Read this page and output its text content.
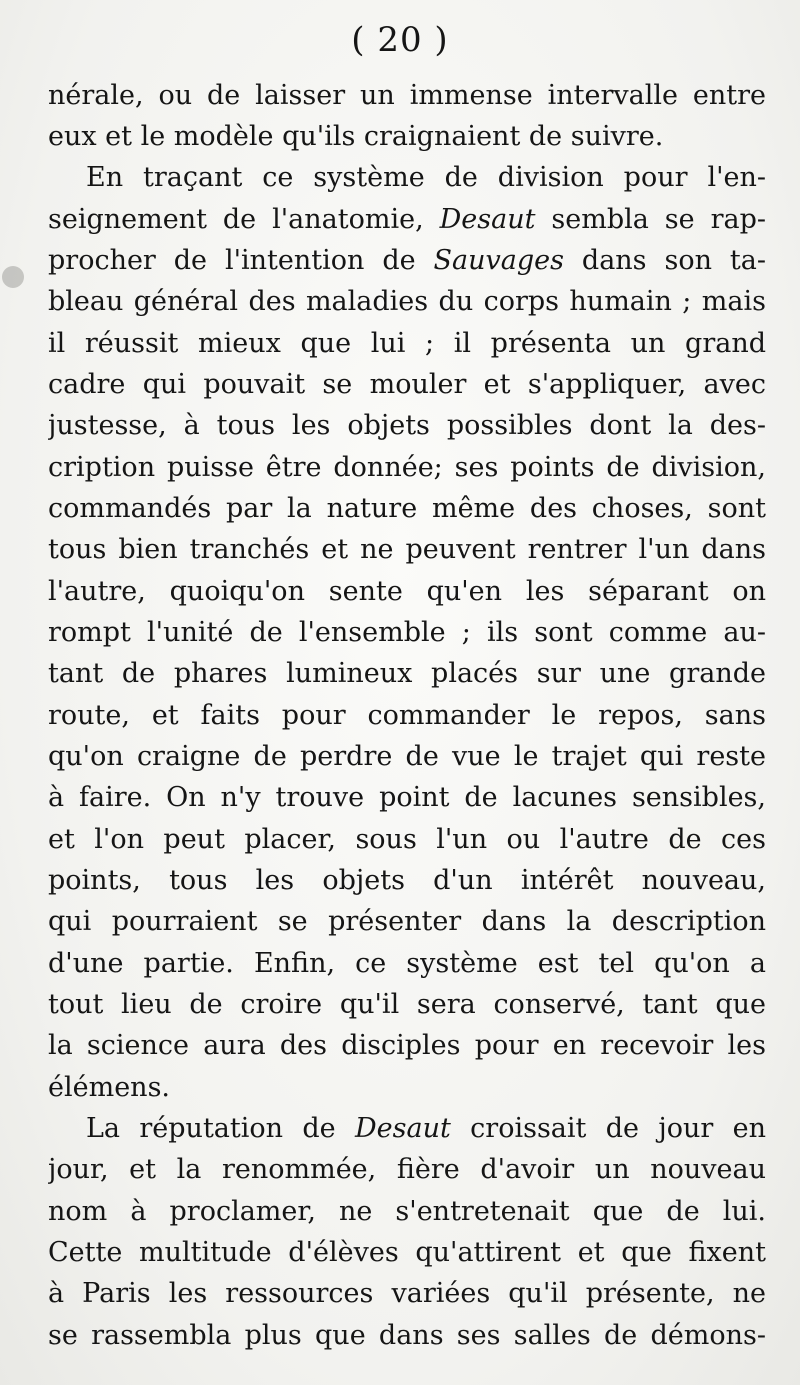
( 20 )
nérale, ou de laisser un immense intervalle entre
eux et le modèle qu'ils craignaient de suivre.
En traçant ce système de division pour l'en-
seignement de l'anatomie, Desaut sembla se rap-
procher de l'intention de Sauvages dans son ta-
bleau général des maladies du corps humain ; mais
il réussit mieux que lui ; il présenta un grand
cadre qui pouvait se mouler et s'appliquer, avec
justesse, à tous les objets possibles dont la des-
cription puisse être donnée; ses points de division,
commandés par la nature même des choses, sont
tous bien tranchés et ne peuvent rentrer l'un dans
l'autre, quoiqu'on sente qu'en les séparant on
rompt l'unité de l'ensemble ; ils sont comme au-
tant de phares lumineux placés sur une grande
route, et faits pour commander le repos, sans
qu'on craigne de perdre de vue le trajet qui reste
à faire. On n'y trouve point de lacunes sensibles,
et l'on peut placer, sous l'un ou l'autre de ces
points, tous les objets d'un intérêt nouveau,
qui pourraient se présenter dans la description
d'une partie. Enfin, ce système est tel qu'on a
tout lieu de croire qu'il sera conservé, tant que
la science aura des disciples pour en recevoir les
élémens.
La réputation de Desaut croissait de jour en
jour, et la renommée, fière d'avoir un nouveau
nom à proclamer, ne s'entretenait que de lui.
Cette multitude d'élèves qu'attirent et que fixent
à Paris les ressources variées qu'il présente, ne
se rassembla plus que dans ses salles de démons-
